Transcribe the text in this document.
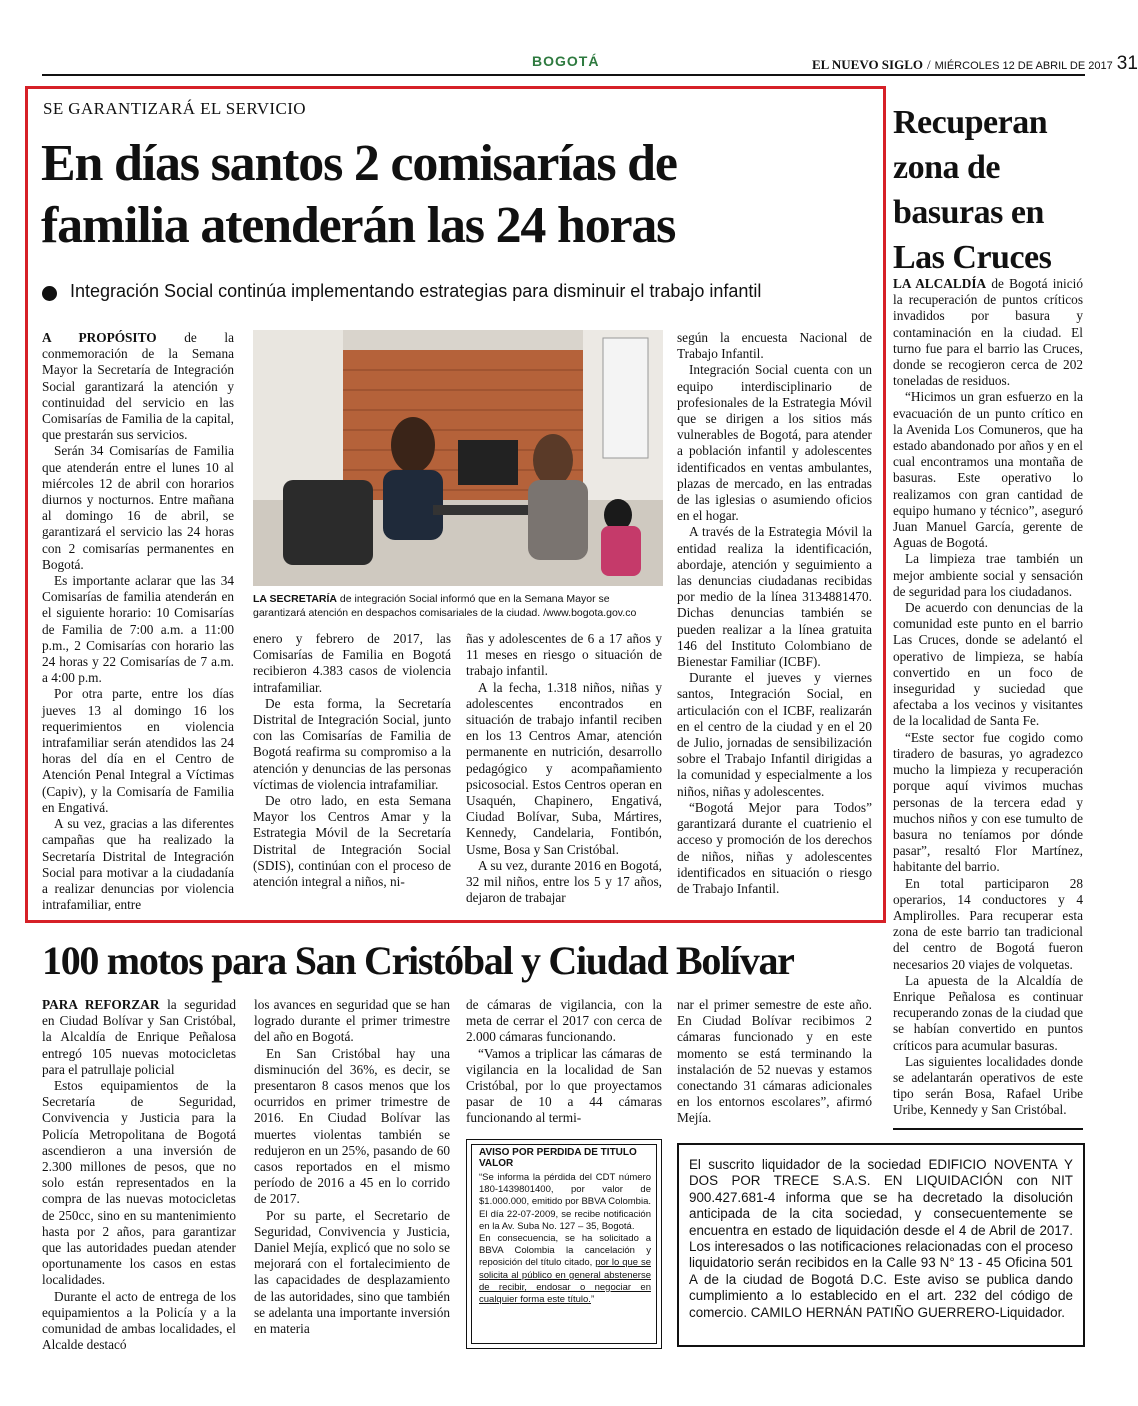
BOGOTÁ	EL NUEVO SIGLO / MIÉRCOLES 12 DE ABRIL DE 2017 31
SE GARANTIZARÁ EL SERVICIO
En días santos 2 comisarías de
familia atenderán las 24 horas
Integración Social continúa implementando estrategias para disminuir el trabajo infantil

A PROPÓSITO de la conmemoración de la Semana Mayor la Secretaría de Integración Social garantizará la atención y continuidad del servicio en las Comisarías de Familia de la capital, que prestarán sus servicios.

Serán 34 Comisarías de Familia que atenderán entre el lunes 10 al miércoles 12 de abril con horarios diurnos y nocturnos. Entre mañana al domingo 16 de abril, se garantizará el servicio las 24 horas con 2 comisarías permanentes en Bogotá.

Es importante aclarar que las 34 Comisarías de familia atenderán en el siguiente horario: 10 Comisarías de Familia de 7:00 a.m. a 11:00 p.m., 2 Comisarías con horario las 24 horas y 22 Comisarías de 7 a.m. a 4:00 p.m.

Por otra parte, entre los días jueves 13 al domingo 16 los requerimientos en violencia intrafamiliar serán atendidos las 24 horas del día en el Centro de Atención Penal Integral a Víctimas (Capiv), y la Comisaría de Familia en Engativá.

A su vez, gracias a las diferentes campañas que ha realizado la Secretaría Distrital de Integración Social para motivar a la ciudadanía a realizar denuncias por violencia intrafamiliar, entre

LA SECRETARÍA de integración Social informó que en la Semana Mayor se garantizará atención en despachos comisariales de la ciudad. /www.bogota.gov.co

enero y febrero de 2017, las Comisarías de Familia en Bogotá recibieron 4.383 casos de violencia intrafamiliar.

De esta forma, la Secretaría Distrital de Integración Social, junto con las Comisarías de Familia de Bogotá reafirma su compromiso a la atención y denuncias de las personas víctimas de violencia intrafamiliar.

De otro lado, en esta Semana Mayor los Centros Amar y la Estrategia Móvil de la Secretaría Distrital de Integración Social (SDIS), continúan con el proceso de atención integral a niños, ni-

ñas y adolescentes de 6 a 17 años y 11 meses en riesgo o situación de trabajo infantil.

A la fecha, 1.318 niños, niñas y adolescentes encontrados en situación de trabajo infantil reciben en los 13 Centros Amar, atención permanente en nutrición, desarrollo pedagógico y acompañamiento psicosocial. Estos Centros operan en Usaquén, Chapinero, Engativá, Ciudad Bolívar, Suba, Mártires, Kennedy, Candelaria, Fontibón, Usme, Bosa y San Cristóbal.

A su vez, durante 2016 en Bogotá, 32 mil niños, entre los 5 y 17 años, dejaron de trabajar

según la encuesta Nacional de Trabajo Infantil.

Integración Social cuenta con un equipo interdisciplinario de profesionales de la Estrategia Móvil que se dirigen a los sitios más vulnerables de Bogotá, para atender a población infantil y adolescentes identificados en ventas ambulantes, plazas de mercado, en las entradas de las iglesias o asumiendo oficios en el hogar.

A través de la Estrategia Móvil la entidad realiza la identificación, abordaje, atención y seguimiento a las denuncias ciudadanas recibidas por medio de la línea 3134881470. Dichas denuncias también se pueden realizar a la línea gratuita 146 del Instituto Colombiano de Bienestar Familiar (ICBF).

Durante el jueves y viernes santos, Integración Social, en articulación con el ICBF, realizarán en el centro de la ciudad y en el 20 de Julio, jornadas de sensibilización sobre el Trabajo Infantil dirigidas a la comunidad y especialmente a los niños, niñas y adolescentes.

“Bogotá Mejor para Todos” garantizará durante el cuatrienio el acceso y promoción de los derechos de niños, niñas y adolescentes identificados en situación o riesgo de Trabajo Infantil.

Recuperan
zona de
basuras en
Las Cruces

LA ALCALDÍA de Bogotá inició la recuperación de puntos críticos invadidos por basura y contaminación en la ciudad. El turno fue para el barrio las Cruces, donde se recogieron cerca de 202 toneladas de residuos.

“Hicimos un gran esfuerzo en la evacuación de un punto crítico en la Avenida Los Comuneros, que ha estado abandonado por años y en el cual encontramos una montaña de basuras. Este operativo lo realizamos con gran cantidad de equipo humano y técnico”, aseguró Juan Manuel García, gerente de Aguas de Bogotá.

La limpieza trae también un mejor ambiente social y sensación de seguridad para los ciudadanos.

De acuerdo con denuncias de la comunidad este punto en el barrio Las Cruces, donde se adelantó el operativo de limpieza, se había convertido en un foco de inseguridad y suciedad que afectaba a los vecinos y visitantes de la localidad de Santa Fe.

“Este sector fue cogido como tiradero de basuras, yo agradezco mucho la limpieza y recuperación porque aquí vivimos muchas personas de la tercera edad y muchos niños y con ese tumulto de basura no teníamos por dónde pasar”, resaltó Flor Martínez, habitante del barrio.

En total participaron 28 operarios, 14 conductores y 4 Amplirolles. Para recuperar esta zona de este barrio tan tradicional del centro de Bogotá fueron necesarios 20 viajes de volquetas.

La apuesta de la Alcaldía de Enrique Peñalosa es continuar recuperando zonas de la ciudad que se habían convertido en puntos críticos para acumular basuras.

Las siguientes localidades donde se adelantarán operativos de este tipo serán Bosa, Rafael Uribe Uribe, Kennedy y San Cristóbal.

100 motos para San Cristóbal y Ciudad Bolívar

PARA REFORZAR la seguridad en Ciudad Bolívar y San Cristóbal, la Alcaldía de Enrique Peñalosa entregó 105 nuevas motocicletas para el patrullaje policial

Estos equipamientos de la Secretaría de Seguridad, Convivencia y Justicia para la Policía Metropolitana de Bogotá ascendieron a una inversión de 2.300 millones de pesos, que no solo están representados en la compra de las nuevas motocicletas de 250cc, sino en su mantenimiento hasta por 2 años, para garantizar que las autoridades puedan atender oportunamente los casos en estas localidades.

Durante el acto de entrega de los equipamientos a la Policía y a la comunidad de ambas localidades, el Alcalde destacó

los avances en seguridad que se han logrado durante el primer trimestre del año en Bogotá.

En San Cristóbal hay una disminución del 36%, es decir, se presentaron 8 casos menos que los ocurridos en primer trimestre de 2016. En Ciudad Bolívar las muertes violentas también se redujeron en un 25%, pasando de 60 casos reportados en el mismo período de 2016 a 45 en lo corrido de 2017.

Por su parte, el Secretario de Seguridad, Convivencia y Justicia, Daniel Mejía, explicó que no solo se mejorará con el fortalecimiento de las capacidades de desplazamiento de las autoridades, sino que también se adelanta una importante inversión en materia

de cámaras de vigilancia, con la meta de cerrar el 2017 con cerca de 2.000 cámaras funcionando.

“Vamos a triplicar las cámaras de vigilancia en la localidad de San Cristóbal, por lo que proyectamos pasar de 10 a 44 cámaras funcionando al termi-

nar el primer semestre de este año. En Ciudad Bolívar recibimos 2 cámaras funcionado y en este momento se está terminando la instalación de 52 nuevas y estamos conectando 31 cámaras adicionales en los entornos escolares”, afirmó Mejía.

AVISO POR PERDIDA DE TITULO VALOR
“Se informa la pérdida del CDT número 180-1439801400, por valor de $1.000.000, emitido por BBVA Colombia. El día 22-07-2009, se recibe notificación en la Av. Suba No. 127 – 35, Bogotá.
En consecuencia, se ha solicitado a BBVA Colombia la cancelación y reposición del título citado, por lo que se solicita al público en general abstenerse de recibir, endosar o negociar en cualquier forma este título.”
El suscrito liquidador de la sociedad EDIFICIO NOVENTA Y DOS POR TRECE S.A.S. EN LIQUIDACIÓN con NIT 900.427.681-4 informa que se ha decretado la disolución anticipada de la cita sociedad, y consecuentemente se encuentra en estado de liquidación desde el 4 de Abril de 2017. Los interesados o las notificaciones relacionadas con el proceso liquidatorio serán recibidos en la Calle 93 N° 13 - 45 Oficina 501 A de la ciudad de Bogotá D.C. Este aviso se publica dando cumplimiento a lo establecido en el art. 232 del código de comercio. CAMILO HERNÁN PATIÑO GUERRERO-Liquidador.
